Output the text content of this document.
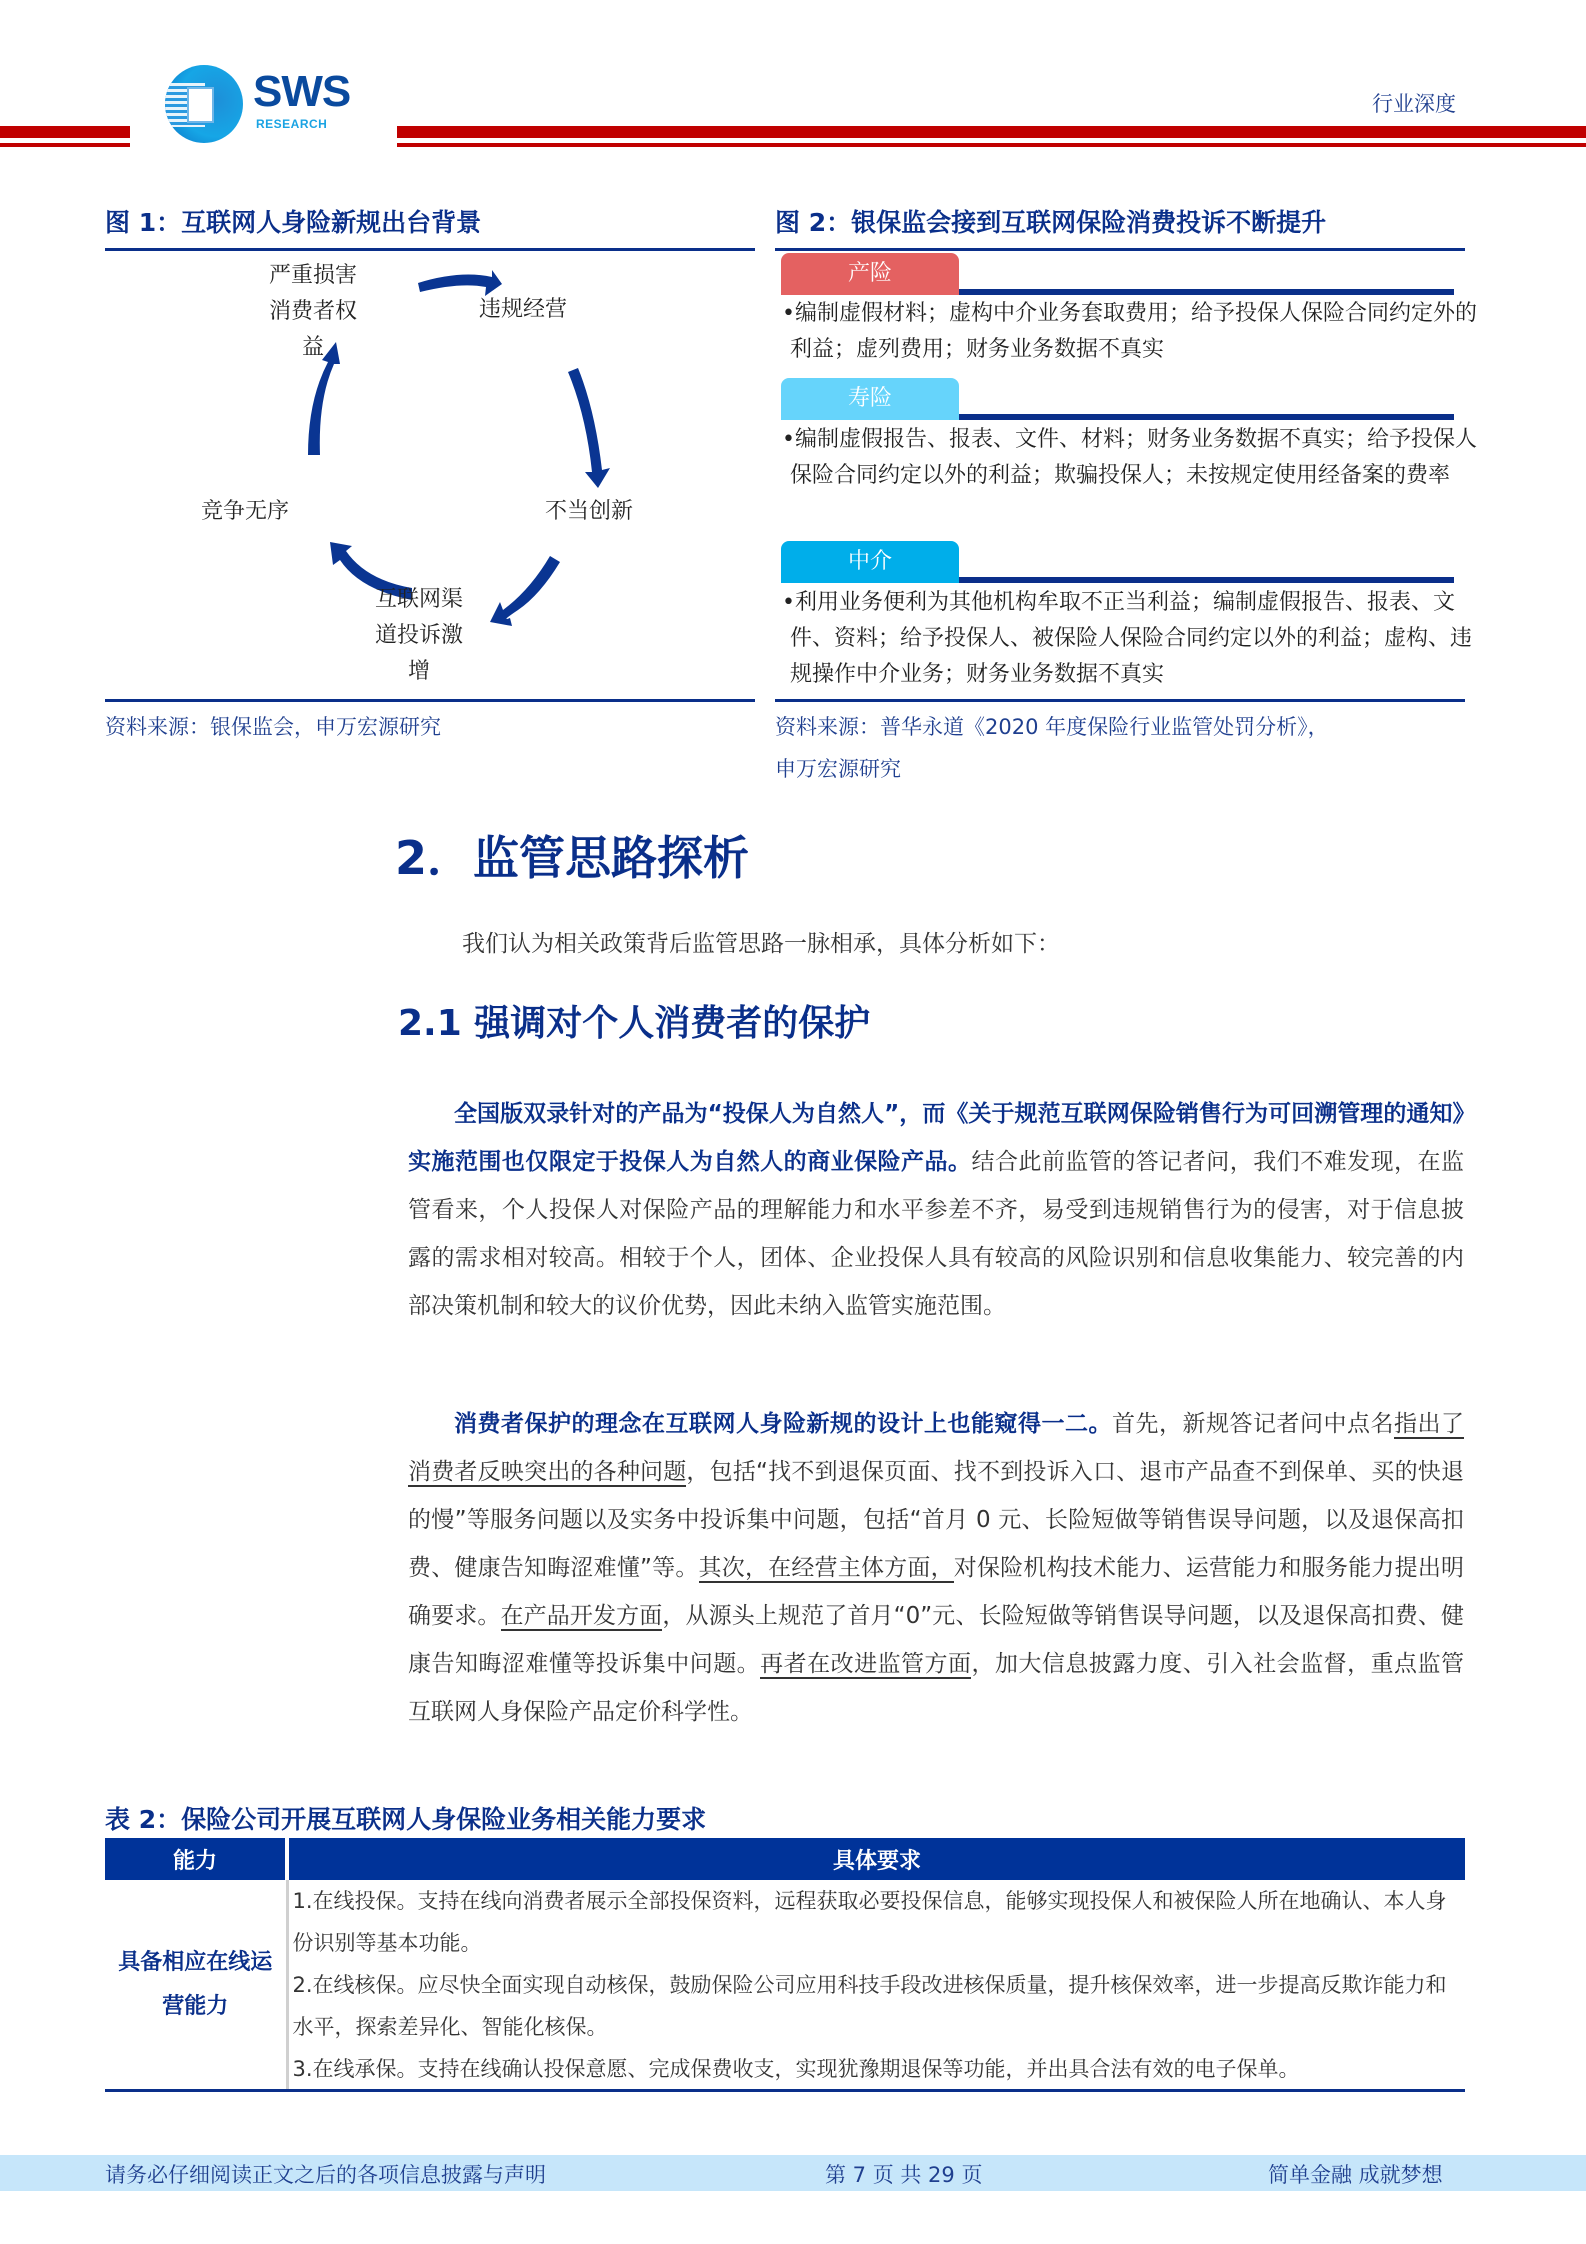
SWS
RESEARCH
行业深度
图 1：互联网人身险新规出台背景
严重损害
消费者权
益
违规经营
不当创新
互联网渠
道投诉激
增
竞争无序
资料来源：银保监会，申万宏源研究
图 2：银保监会接到互联网保险消费投诉不断提升
产险
•编制虚假材料；虚构中介业务套取费用；给予投保人保险合同约定外的利益；虚列费用；财务业务数据不真实
寿险
•编制虚假报告、报表、文件、材料；财务业务数据不真实；给予投保人保险合同约定以外的利益；欺骗投保人；未按规定使用经备案的费率
中介
•利用业务便利为其他机构牟取不正当利益；编制虚假报告、报表、文件、资料；给予投保人、被保险人保险合同约定以外的利益；虚构、违规操作中介业务；财务业务数据不真实
资料来源：普华永道《2020 年度保险行业监管处罚分析》，
申万宏源研究
2．监管思路探析
我们认为相关政策背后监管思路一脉相承，具体分析如下：
2.1 强调对个人消费者的保护
全国版双录针对的产品为“投保人为自然人”，而《关于规范互联网保险销售行为可回溯管理的通知》实施范围也仅限定于投保人为自然人的商业保险产品。结合此前监管的答记者问，我们不难发现，在监管看来，个人投保人对保险产品的理解能力和水平参差不齐，易受到违规销售行为的侵害，对于信息披露的需求相对较高。相较于个人，团体、企业投保人具有较高的风险识别和信息收集能力、较完善的内部决策机制和较大的议价优势，因此未纳入监管实施范围。
消费者保护的理念在互联网人身险新规的设计上也能窥得一二。首先，新规答记者问中点名指出了消费者反映突出的各种问题，包括“找不到退保页面、找不到投诉入口、退市产品查不到保单、买的快退的慢”等服务问题以及实务中投诉集中问题，包括“首月 0 元、长险短做等销售误导问题，以及退保高扣费、健康告知晦涩难懂”等。其次，在经营主体方面，对保险机构技术能力、运营能力和服务能力提出明确要求。在产品开发方面，从源头上规范了首月“0”元、长险短做等销售误导问题，以及退保高扣费、健康告知晦涩难懂等投诉集中问题。再者在改进监管方面，加大信息披露力度、引入社会监督，重点监管互联网人身保险产品定价科学性。
表 2：保险公司开展互联网人身保险业务相关能力要求
能力	具体要求
具备相应在线运营能力	1.在线投保。支持在线向消费者展示全部投保资料，远程获取必要投保信息，能够实现投保人和被保险人所在地确认、本人身份识别等基本功能。
2.在线核保。应尽快全面实现自动核保，鼓励保险公司应用科技手段改进核保质量，提升核保效率，进一步提高反欺诈能力和水平，探索差异化、智能化核保。
3.在线承保。支持在线确认投保意愿、完成保费收支，实现犹豫期退保等功能，并出具合法有效的电子保单。
请务必仔细阅读正文之后的各项信息披露与声明	第 7 页 共 29 页	简单金融 成就梦想
